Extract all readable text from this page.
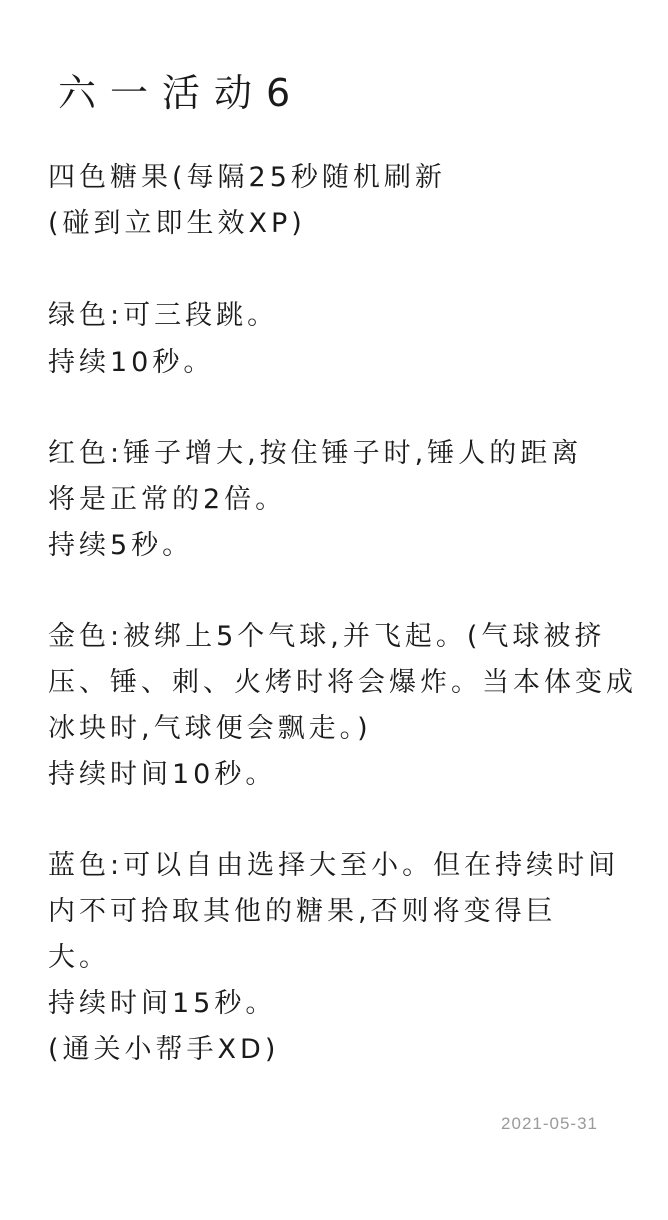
六一活动6
四色糖果(每隔25秒随机刷新
(碰到立即生效XP)
绿色:可三段跳。
持续10秒。
红色:锤子增大,按住锤子时,锤人的距离
将是正常的2倍。
持续5秒。
金色:被绑上5个气球,并飞起。(气球被挤
压、锤、刺、火烤时将会爆炸。当本体变成
冰块时,气球便会飘走。)
持续时间10秒。
蓝色:可以自由选择大至小。但在持续时间
内不可拾取其他的糖果,否则将变得巨
大。
持续时间15秒。
(通关小帮手XD)
2021-05-31
